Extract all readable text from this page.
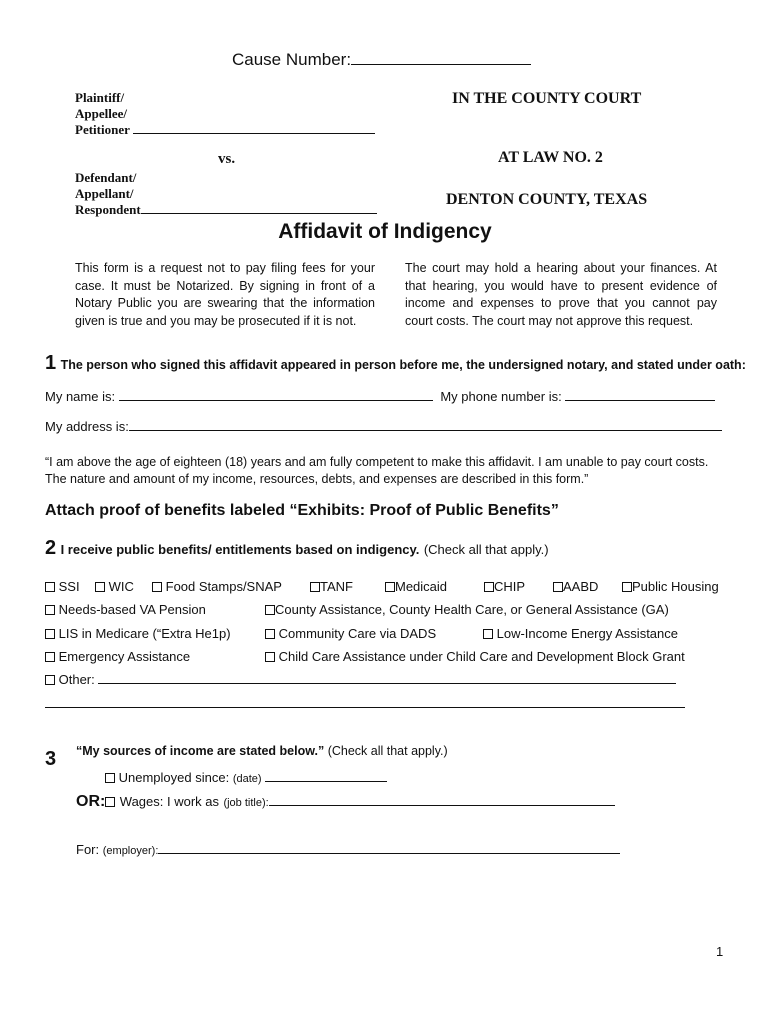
Cause Number:
Plaintiff/
Appellee/
Petitioner
vs.
Defendant/
Appellant/
Respondent
IN THE COUNTY COURT
AT LAW NO. 2
DENTON COUNTY, TEXAS
Affidavit of Indigency
This form is a request not to pay filing fees for your case. It must be Notarized. By signing in front of a Notary Public you are swearing that the information given is true and you may be prosecuted if it is not.
The court may hold a hearing about your finances. At that hearing, you would have to present evidence of income and expenses to prove that you cannot pay court costs. The court may not approve this request.
1 The person who signed this affidavit appeared in person before me, the undersigned notary, and stated under oath:
My name is:	My phone number is:
My address is:
“I am above the age of eighteen (18) years and am fully competent to make this affidavit. I am unable to pay court costs. The nature and amount of my income, resources, debts, and expenses are described in this form.”
Attach proof of benefits labeled “Exhibits: Proof of Public Benefits”
2 I receive public benefits/ entitlements based on indigency. (Check all that apply.)
SSI	WIC	Food Stamps/SNAP	TANF	Medicaid	CHIP	AABD	Public Housing
Needs-based VA Pension	County Assistance, County Health Care, or General Assistance (GA)
LIS in Medicare (“Extra He1p)	Community Care via DADS	Low-Income Energy Assistance
Emergency Assistance	Child Care Assistance under Child Care and Development Block Grant
Other:
3 “My sources of income are stated below.” (Check all that apply.)
Unemployed since: (date)
OR: Wages: I work as (job title):
For: (employer):
1
